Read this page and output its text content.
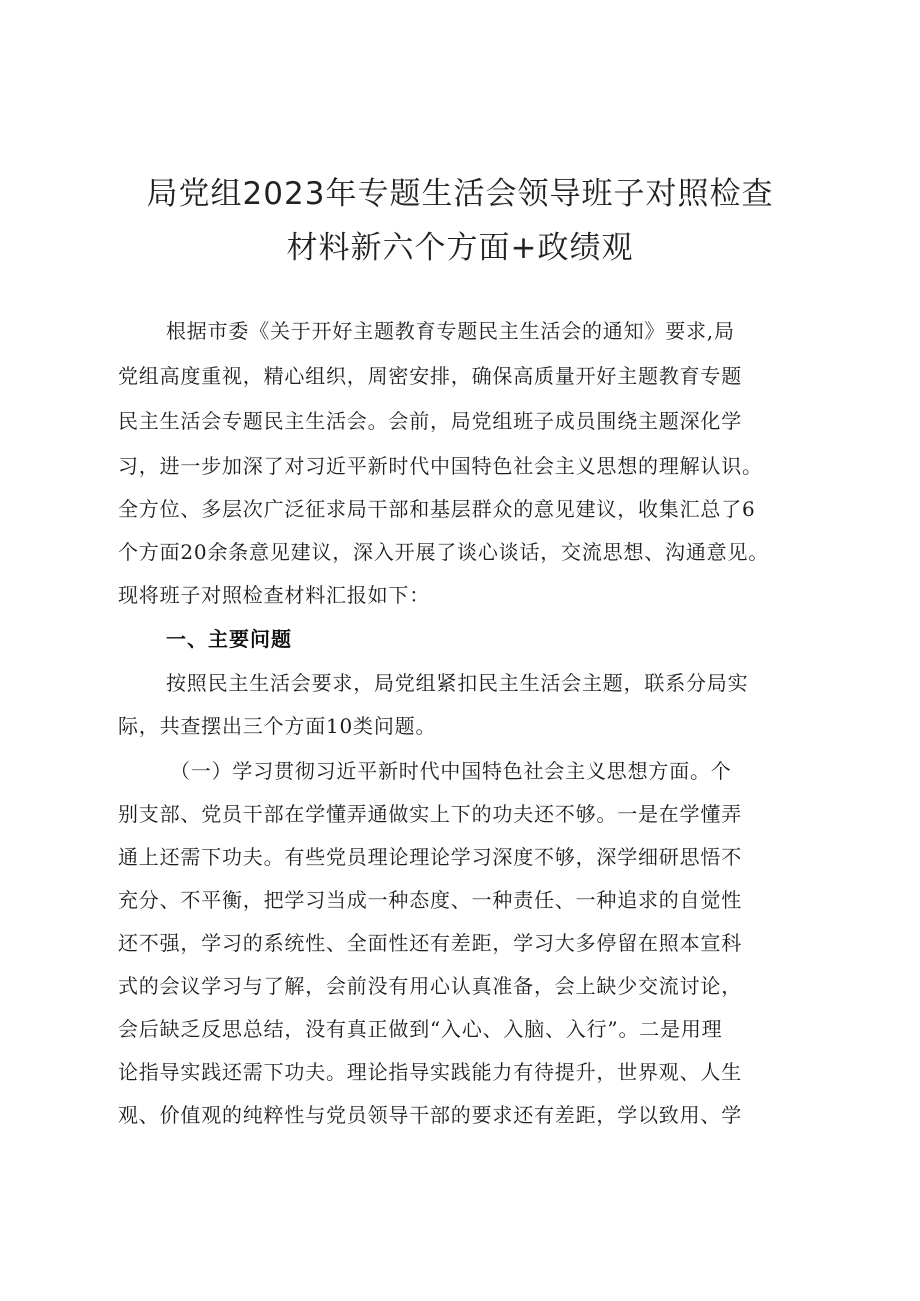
局党组2023年专题生活会领导班子对照检查
材料新六个方面+政绩观
根据市委《关于开好主题教育专题民主生活会的通知》要求,局
党组高度重视，精心组织，周密安排，确保高质量开好主题教育专题
民主生活会专题民主生活会。会前，局党组班子成员围绕主题深化学
习，进一步加深了对习近平新时代中国特色社会主义思想的理解认识。
全方位、多层次广泛征求局干部和基层群众的意见建议，收集汇总了6
个方面20余条意见建议，深入开展了谈心谈话，交流思想、沟通意见。
现将班子对照检查材料汇报如下：
一、主要问题
按照民主生活会要求，局党组紧扣民主生活会主题，联系分局实
际，共查摆出三个方面10类问题。
（一）学习贯彻习近平新时代中国特色社会主义思想方面。个
别支部、党员干部在学懂弄通做实上下的功夫还不够。一是在学懂弄
通上还需下功夫。有些党员理论理论学习深度不够，深学细研思悟不
充分、不平衡，把学习当成一种态度、一种责任、一种追求的自觉性
还不强，学习的系统性、全面性还有差距，学习大多停留在照本宣科
式的会议学习与了解，会前没有用心认真准备，会上缺少交流讨论，
会后缺乏反思总结，没有真正做到“入心、入脑、入行”。二是用理
论指导实践还需下功夫。理论指导实践能力有待提升，世界观、人生
观、价值观的纯粹性与党员领导干部的要求还有差距，学以致用、学
